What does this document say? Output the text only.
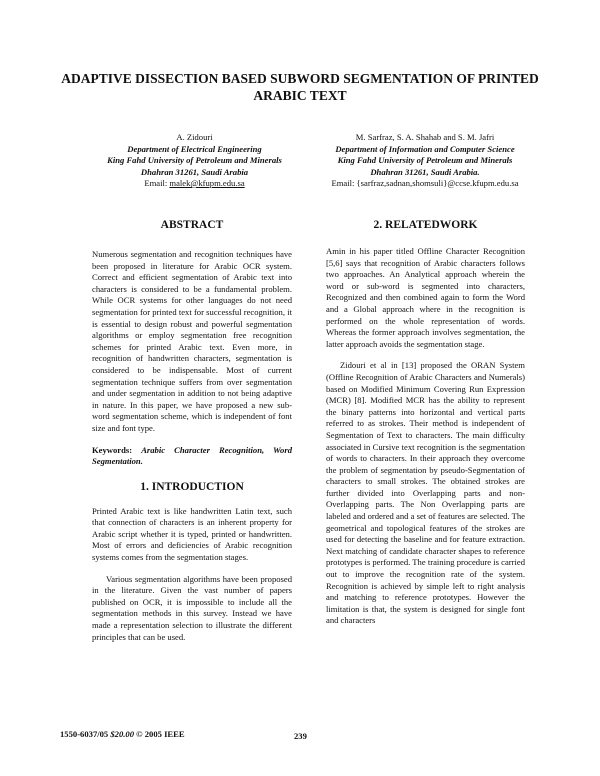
ADAPTIVE DISSECTION BASED SUBWORD SEGMENTATION OF PRINTED ARABIC TEXT
A. Zidouri
Department of Electrical Engineering
King Fahd University of Petroleum and Minerals
Dhahran 31261, Saudi Arabia
Email: malek@kfupm.edu.sa
M. Sarfraz, S. A. Shahab and S. M. Jafri
Department of Information and Computer Science
King Fahd University of Petroleum and Minerals
Dhahran 31261, Saudi Arabia.
Email: {sarfraz,sadnan,shomsuli}@ccse.kfupm.edu.sa
ABSTRACT

Numerous segmentation and recognition techniques have been proposed in literature for Arabic OCR system. Correct and efficient segmentation of Arabic text into characters is considered to be a fundamental problem. While OCR systems for other languages do not need segmentation for printed text for successful recognition, it is essential to design robust and powerful segmentation algorithms or employ segmentation free recognition schemes for printed Arabic text. Even more, in recognition of handwritten characters, segmentation is considered to be indispensable. Most of current segmentation technique suffers from over segmentation and under segmentation in addition to not being adaptive in nature. In this paper, we have proposed a new sub-word segmentation scheme, which is independent of font size and font type.

Keywords: Arabic Character Recognition, Word Segmentation.
1. INTRODUCTION

Printed Arabic text is like handwritten Latin text, such that connection of characters is an inherent property for Arabic script whether it is typed, printed or handwritten. Most of errors and deficiencies of Arabic recognition systems comes from the segmentation stages.

Various segmentation algorithms have been proposed in the literature. Given the vast number of papers published on OCR, it is impossible to include all the segmentation methods in this survey. Instead we have made a representation selection to illustrate the different principles that can be used.

2. RELATEDWORK

Amin in his paper titled Offline Character Recognition [5,6] says that recognition of Arabic characters follows two approaches. An Analytical approach wherein the word or sub-word is segmented into characters, Recognized and then combined again to form the Word and a Global approach where in the recognition is performed on the whole representation of words. Whereas the former approach involves segmentation, the latter approach avoids the segmentation stage.

Zidouri et al in [13] proposed the ORAN System (Offline Recognition of Arabic Characters and Numerals) based on Modified Minimum Covering Run Expression (MCR) [8]. Modified MCR has the ability to represent the binary patterns into horizontal and vertical parts referred to as strokes. Their method is independent of Segmentation of Text to characters. The main difficulty associated in Cursive text recognition is the segmentation of words to characters. In their approach they overcome the problem of segmentation by pseudo-Segmentation of characters to small strokes. The obtained strokes are further divided into Overlapping parts and non-Overlapping parts. The Non Overlapping parts are labeled and ordered and a set of features are selected. The geometrical and topological features of the strokes are used for detecting the baseline and for feature extraction. Next matching of candidate character shapes to reference prototypes is performed. The training procedure is carried out to improve the recognition rate of the system. Recognition is achieved by simple left to right analysis and matching to reference prototypes. However the limitation is that, the system is designed for single font and characters

1550-6037/05 $20.00 © 2005 IEEE	239
